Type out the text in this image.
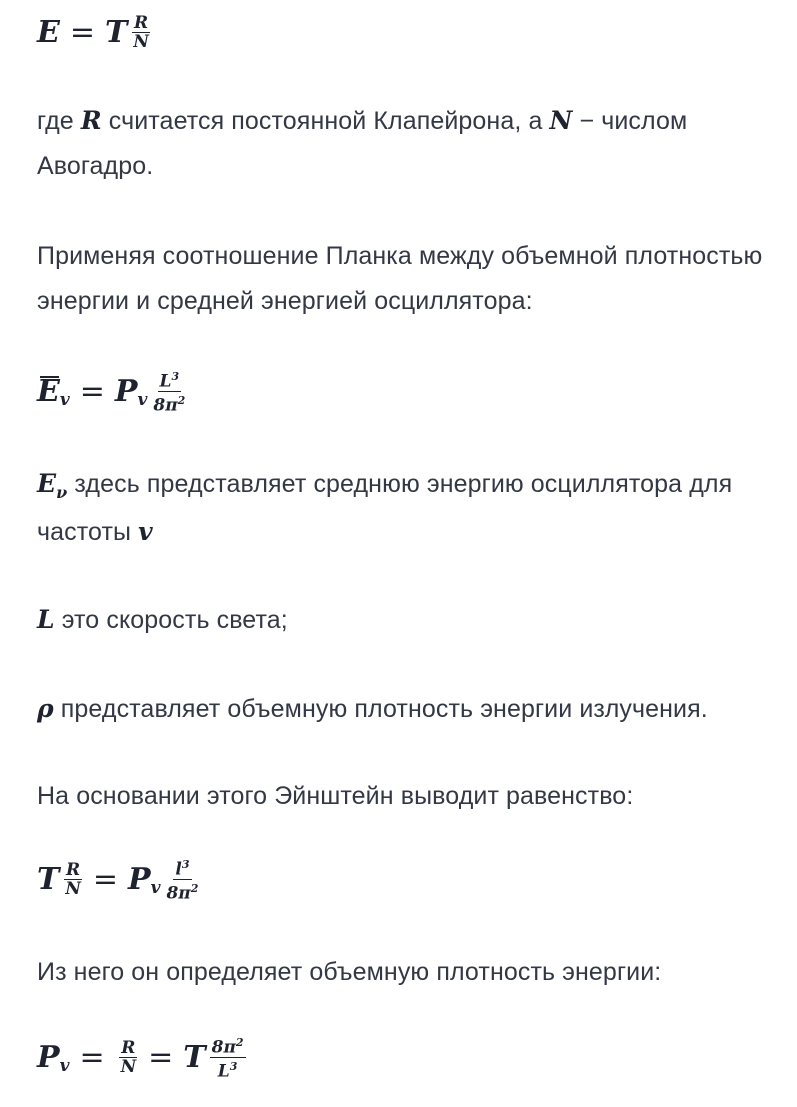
E = T $\frac{R}{N}$
где R считается постоянной Клапейрона, а N − числом Авогадро.
Применяя соотношение Планка между объемной плотностью энергии и средней энергией осциллятора:
E v = P v $\frac{L^3}{8\pi^2}$
$E_\nu$ здесь представляет среднюю энергию осциллятора для частоты v
L это скорость света;
ρ представляет объемную плотность энергии излучения.
На основании этого Эйнштейн выводит равенство:
T $\frac{R}{N} = P$ v $\frac{l^3}{8\pi^2}$
Из него он определяет объемную плотность энергии:
P $v = \frac{R}{N} = T \frac{8\pi^2}{L^3}$
